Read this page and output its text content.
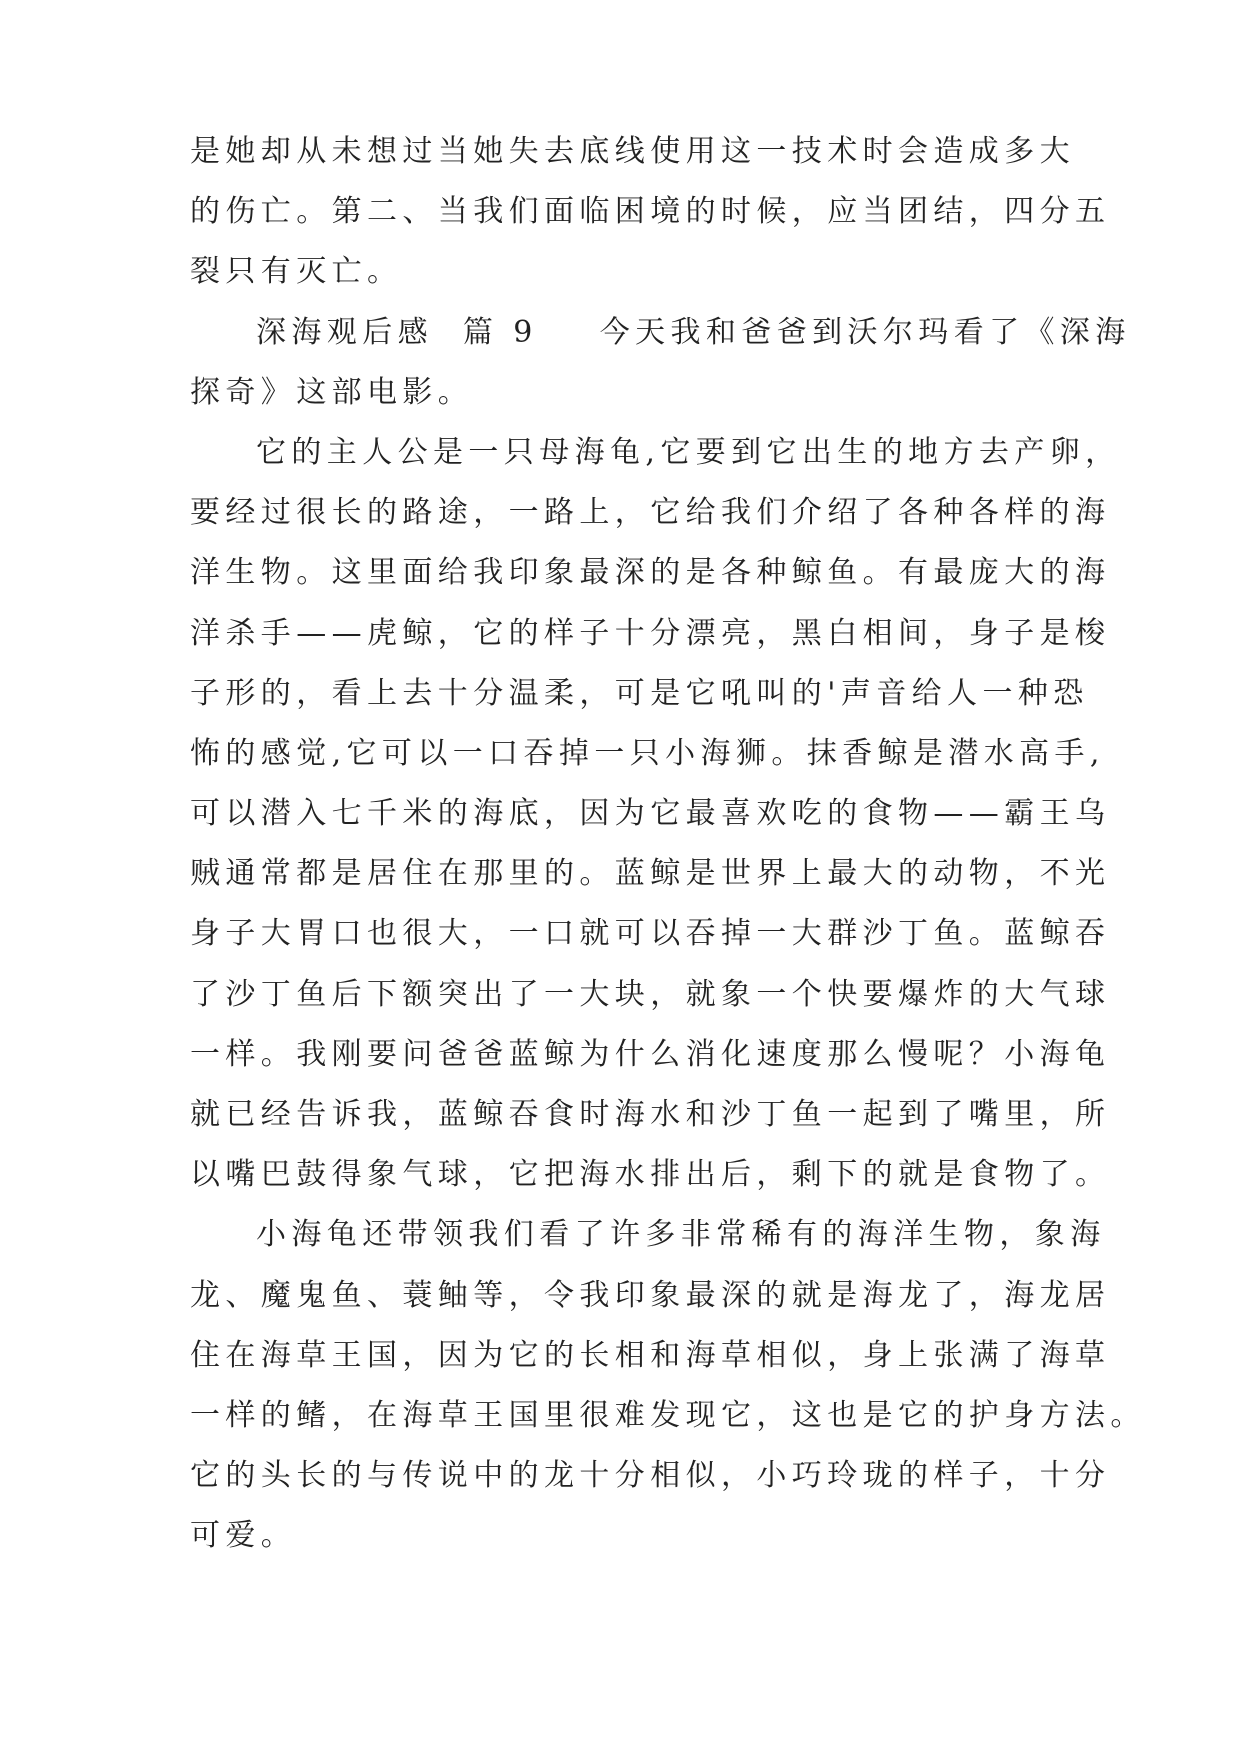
是她却从未想过当她失去底线使用这一技术时会造成多大
的伤亡。第二、当我们面临困境的时候，应当团结，四分五
裂只有灭亡。
深海观后感 篇 9 今天我和爸爸到沃尔玛看了《深海
探奇》这部电影。
它的主人公是一只母海龟,它要到它出生的地方去产卵，
要经过很长的路途，一路上，它给我们介绍了各种各样的海
洋生物。这里面给我印象最深的是各种鲸鱼。有最庞大的海
洋杀手——虎鲸，它的样子十分漂亮，黑白相间，身子是梭
子形的，看上去十分温柔，可是它吼叫的'声音给人一种恐
怖的感觉,它可以一口吞掉一只小海狮。抹香鲸是潜水高手,
可以潜入七千米的海底，因为它最喜欢吃的食物——霸王乌
贼通常都是居住在那里的。蓝鲸是世界上最大的动物，不光
身子大胃口也很大，一口就可以吞掉一大群沙丁鱼。蓝鲸吞
了沙丁鱼后下额突出了一大块，就象一个快要爆炸的大气球
一样。我刚要问爸爸蓝鲸为什么消化速度那么慢呢？小海龟
就已经告诉我，蓝鲸吞食时海水和沙丁鱼一起到了嘴里，所
以嘴巴鼓得象气球，它把海水排出后，剩下的就是食物了。
小海龟还带领我们看了许多非常稀有的海洋生物，象海
龙、魔鬼鱼、蓑鲉等，令我印象最深的就是海龙了，海龙居
住在海草王国，因为它的长相和海草相似，身上张满了海草
一样的鳍，在海草王国里很难发现它，这也是它的护身方法。
它的头长的与传说中的龙十分相似，小巧玲珑的样子，十分
可爱。
